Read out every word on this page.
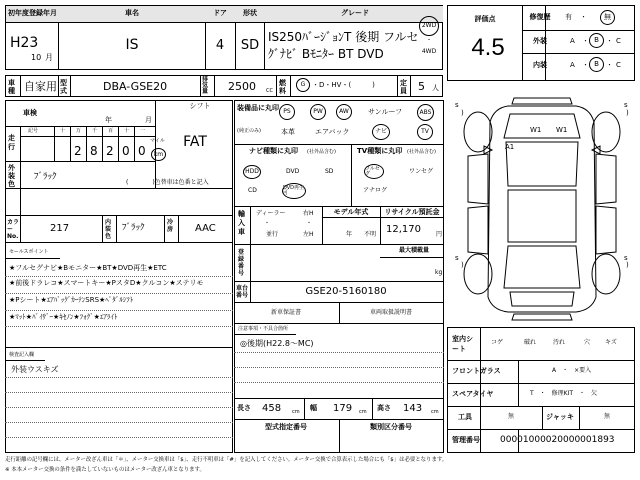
初年度登録年月	車名	ドア 形状	グレード
H23
10 月
IS	4 SD
IS250ﾊﾞｰｼﾞｮﾝT 後期 フルセ
ｸﾞﾅﾋﾞ Bﾓﾆﾀｰ BT DVD
2WD
・
4WD
車種 自家用 型式	DBA-GSE20
排気量 2500 CC
燃料
G ・D・HV・(　　　)	定員 5 人
評価点
4.5
修復歴 有 ・	無
外装	A ・ B	・ C
内装	A ・ B	・ C
車検
年	月
シフト
FAT
走行
記号	十 万 千 百 十 一
2 8 2 0 0
マイル
km
外装色
ﾌﾞﾗｯｸ
(　　　　)色替車は色番と記入
カラーNo.
217
内装色
ﾌﾞﾗｯｸ
冷房 AAC
セールスポイント
★フルセグナビ★Bモニター★BT★DVD再生★ETC
★前後ドラレコ★スマートキー★PスタD★クルコン★ステリモ
★Pシート★ｴｱﾊﾞｯｸﾞｶｰﾃﾝSRS★ﾍﾟﾀﾞﾙｼﾌﾄ
★ﾏｯﾄ★ﾊﾞｲｻﾞｰ★ｷｾﾉﾝ★ﾌｫｸﾞ★ｴｱﾗｲﾄ
検査記入欄
外装ウスキズ
装備品に丸印
(純正のみ)
PS	PW	AW	サンルーフ	ABS
本革	エアバック	ナビ	TV
ナビ種類に丸印 (社外品含む)
HDD	DVD	SD
CD	DVD再生可
TV種類に丸印 (社外品含む)
フルセグ	ワンセグ
アナログ
輸入車
ディーラー
・
並行
右H
・
左H
モデル年式
年 不明
リサイクル預託金
12,170	円
登録番号
最大積載量
kg
車台番号	GSE20-5160180
新車保証書	車両取扱説明書
注意事項・不具合箇所
◎後期(H22.8〜MC)
長さ 458 cm 幅 179 cm 高さ 143 cm
型式指定番号	類別区分番号
室内シート
コゲ	破れ	汚れ	穴 キズ
フロントガラス	A　・　×要入
スペアタイヤ	T　・　修理KIT　・　欠
工具	無	ジャッキ	無
管理番号 00001000020000001893
W1 W1
A1
s
)
s
)
s
)
s
)
走行距離の記号欄には、メーター改ざん車は「＊」、メーター交換車は「$」、走行不明車は「#」を記入してください。メーター交換で合算表示した場合にも「$」は必要となります。
※ 本本メーター交換の条件を満たしていないものはメーター改ざん車となります。
